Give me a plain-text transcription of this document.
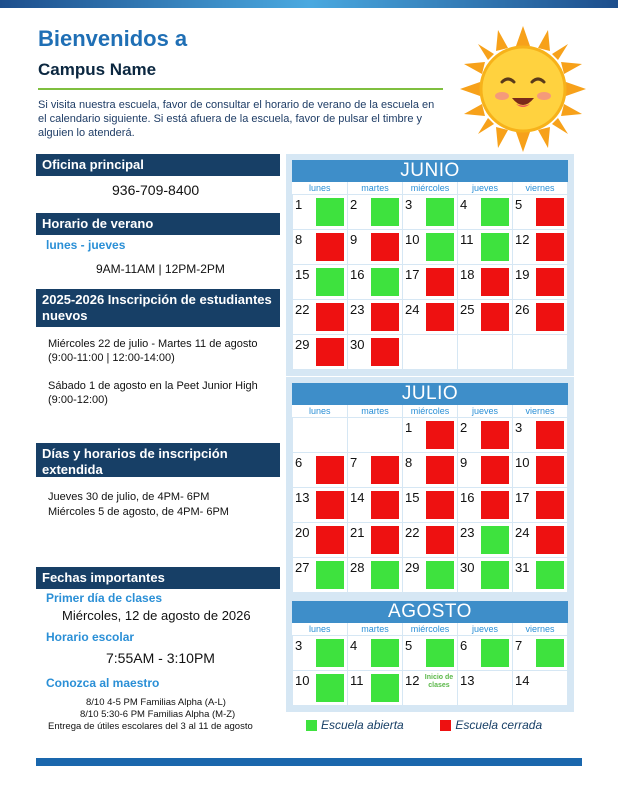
Bienvenidos a
Campus Name
Si visita nuestra escuela, favor de consultar el horario de verano de la escuela en el calendario siguiente. Si está afuera de la escuela, favor de pulsar el timbre y alguien lo atenderá.
Oficina principal
936-709-8400
Horario de verano
lunes - jueves
9AM-11AM | 12PM-2PM
2025-2026 Inscripción de estudiantes nuevos
Miércoles 22 de julio - Martes 11 de agosto (9:00-11:00 | 12:00-14:00)
Sábado 1 de agosto en la Peet Junior High (9:00-12:00)
Días y horarios de inscripción extendida
Jueves 30 de julio, de 4PM- 6PM
Miércoles 5 de agosto, de 4PM- 6PM
Fechas importantes
Primer día de clases
Miércoles, 12 de agosto de 2026
Horario escolar
7:55AM - 3:10PM
Conozca al maestro
8/10 4-5 PM Familias Alpha (A-L)
8/10 5:30-6 PM Familias Alpha (M-Z)
Entrega de útiles escolares del 3 al 11 de agosto
JUNIO
lunes	martes	miércoles	jueves	viernes

1	2	3	4	5

8	9	10	11	12

15	16	17	18	19

22	23	24	25	26

29	30			

JULIO
lunes	martes	miércoles	jueves	viernes

		1	2	3

6	7	8	9	10

13	14	15	16	17

20	21	22	23	24

27	28	29	30	31
AGOSTO
lunes	martes	miércoles	jueves	viernes

3	4	5	6	7

10	11	12 Inicio de clases	13	14
Escuela abierta	Escuela cerrada
